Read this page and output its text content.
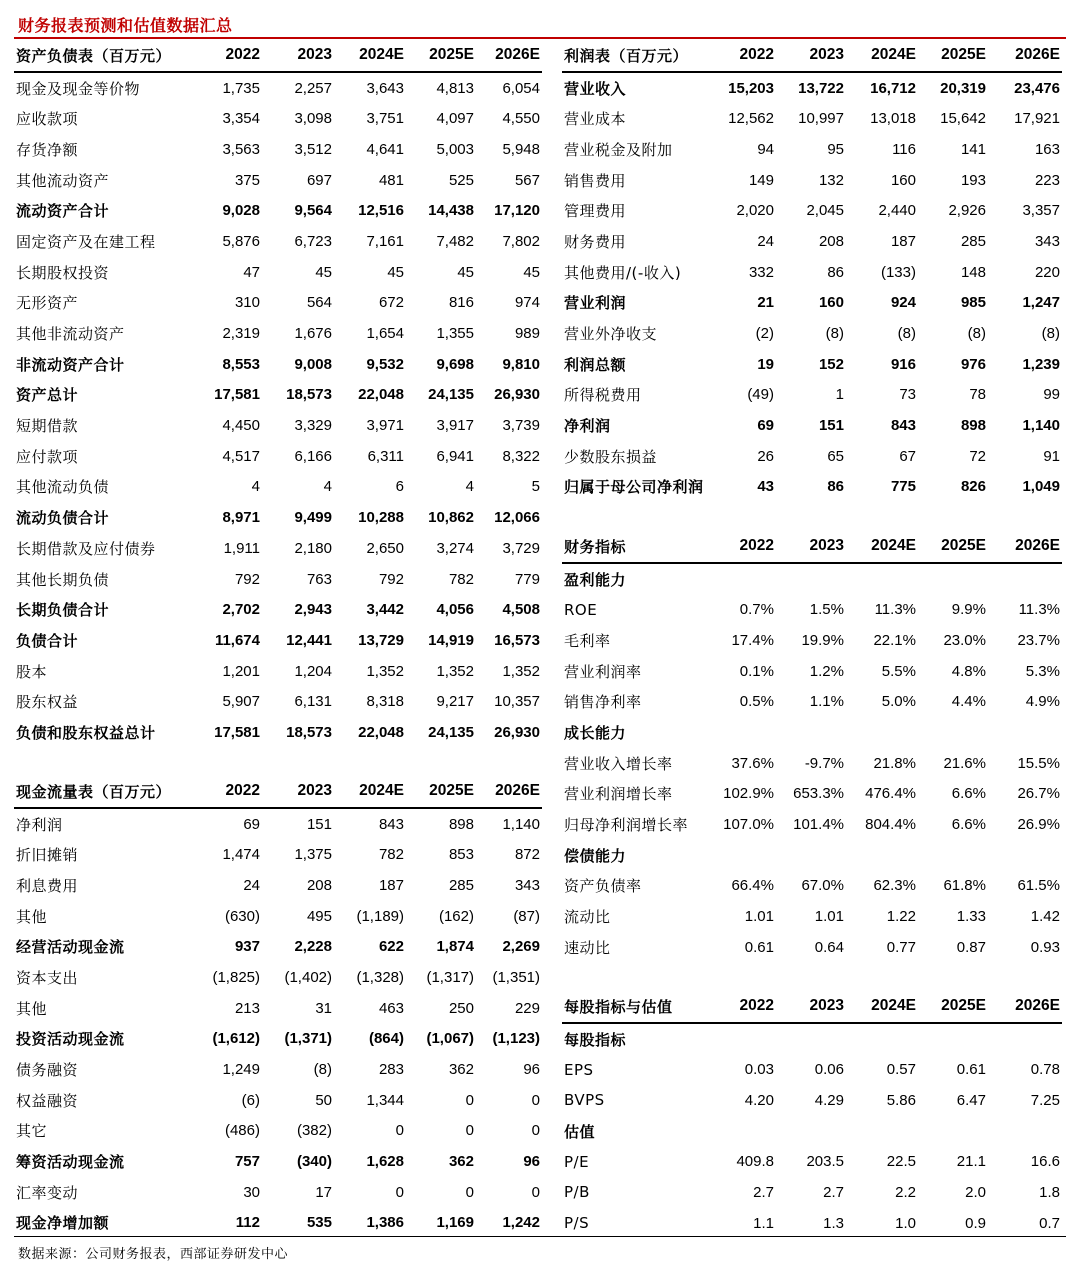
财务报表预测和估值数据汇总
资产负债表（百万元）	2022	2023	2024E	2025E	2026E
现金及现金等价物	1,735	2,257	3,643	4,813	6,054
应收款项	3,354	3,098	3,751	4,097	4,550
存货净额	3,563	3,512	4,641	5,003	5,948
其他流动资产	375	697	481	525	567
流动资产合计	9,028	9,564	12,516	14,438	17,120
固定资产及在建工程	5,876	6,723	7,161	7,482	7,802
长期股权投资	47	45	45	45	45
无形资产	310	564	672	816	974
其他非流动资产	2,319	1,676	1,654	1,355	989
非流动资产合计	8,553	9,008	9,532	9,698	9,810
资产总计	17,581	18,573	22,048	24,135	26,930
短期借款	4,450	3,329	3,971	3,917	3,739
应付款项	4,517	6,166	6,311	6,941	8,322
其他流动负债	4	4	6	4	5
流动负债合计	8,971	9,499	10,288	10,862	12,066
长期借款及应付债券	1,911	2,180	2,650	3,274	3,729
其他长期负债	792	763	792	782	779
长期负债合计	2,702	2,943	3,442	4,056	4,508
负债合计	11,674	12,441	13,729	14,919	16,573
股本	1,201	1,204	1,352	1,352	1,352
股东权益	5,907	6,131	8,318	9,217	10,357
负债和股东权益总计	17,581	18,573	22,048	24,135	26,930
现金流量表（百万元）	2022	2023	2024E	2025E	2026E
净利润	69	151	843	898	1,140
折旧摊销	1,474	1,375	782	853	872
利息费用	24	208	187	285	343
其他	(630)	495	(1,189)	(162)	(87)
经营活动现金流	937	2,228	622	1,874	2,269
资本支出	(1,825)	(1,402)	(1,328)	(1,317)	(1,351)
其他	213	31	463	250	229
投资活动现金流	(1,612)	(1,371)	(864)	(1,067)	(1,123)
债务融资	1,249	(8)	283	362	96
权益融资	(6)	50	1,344	0	0
其它	(486)	(382)	0	0	0
筹资活动现金流	757	(340)	1,628	362	96
汇率变动	30	17	0	0	0
现金净增加额	112	535	1,386	1,169	1,242
利润表（百万元）	2022	2023	2024E	2025E	2026E
营业收入	15,203	13,722	16,712	20,319	23,476
营业成本	12,562	10,997	13,018	15,642	17,921
营业税金及附加	94	95	116	141	163
销售费用	149	132	160	193	223
管理费用	2,020	2,045	2,440	2,926	3,357
财务费用	24	208	187	285	343
其他费用/(-收入)	332	86	(133)	148	220
营业利润	21	160	924	985	1,247
营业外净收支	(2)	(8)	(8)	(8)	(8)
利润总额	19	152	916	976	1,239
所得税费用	(49)	1	73	78	99
净利润	69	151	843	898	1,140
少数股东损益	26	65	67	72	91
归属于母公司净利润	43	86	775	826	1,049
财务指标	2022	2023	2024E	2025E	2026E
盈利能力					
ROE	0.7%	1.5%	11.3%	9.9%	11.3%
毛利率	17.4%	19.9%	22.1%	23.0%	23.7%
营业利润率	0.1%	1.2%	5.5%	4.8%	5.3%
销售净利率	0.5%	1.1%	5.0%	4.4%	4.9%
成长能力					
营业收入增长率	37.6%	-9.7%	21.8%	21.6%	15.5%
营业利润增长率	102.9%	653.3%	476.4%	6.6%	26.7%
归母净利润增长率	107.0%	101.4%	804.4%	6.6%	26.9%
偿债能力					
资产负债率	66.4%	67.0%	62.3%	61.8%	61.5%
流动比	1.01	1.01	1.22	1.33	1.42
速动比	0.61	0.64	0.77	0.87	0.93
每股指标与估值	2022	2023	2024E	2025E	2026E
每股指标					
EPS	0.03	0.06	0.57	0.61	0.78
BVPS	4.20	4.29	5.86	6.47	7.25
估值					
P/E	409.8	203.5	22.5	21.1	16.6
P/B	2.7	2.7	2.2	2.0	1.8
P/S	1.1	1.3	1.0	0.9	0.7
数据来源：公司财务报表，西部证券研发中心
